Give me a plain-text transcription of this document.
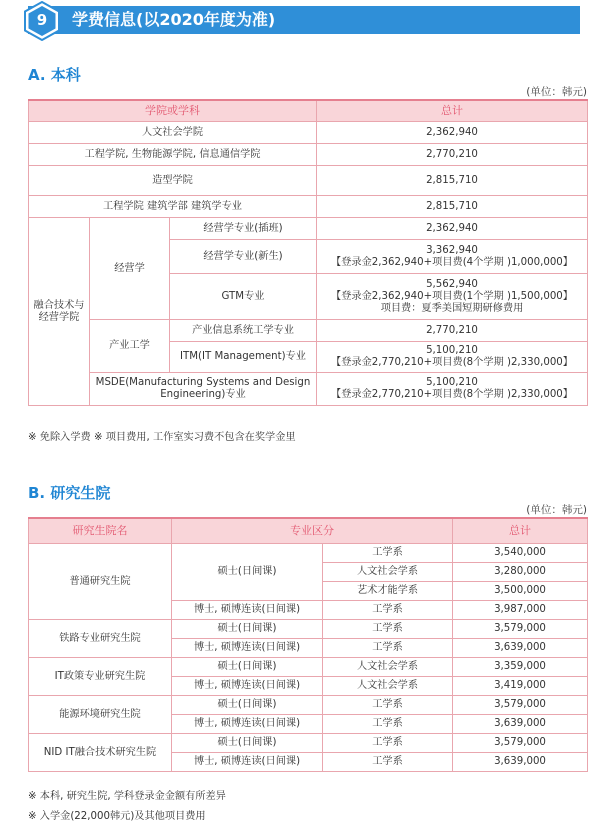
9	学费信息(以2020年度为准)
A. 本科
(单位：韩元)
学院或学科			总计
人文社会学院			2,362,940
工程学院, 生物能源学院, 信息通信学院			2,770,210
造型学院			2,815,710
工程学院 建筑学部 建筑学专业			2,815,710
融合技术与经营学院	经营学	经营学专业(插班)	2,362,940
		经营学专业(新生)	3,362,940
【登录金2,362,940+项目费(4个学期 )1,000,000】

		GTM专业	5,562,940
【登录金2,362,940+项目费(1个学期 )1,500,000】
项目费：夏季美国短期研修费用

	产业工学	产业信息系统工学专业	2,770,210
		ITM(IT Management)专业	5,100,210
【登录金2,770,210+项目费(8个学期 )2,330,000】

	MSDE(Manufacturing Systems and Design Engineering)专业		5,100,210
【登录金2,770,210+项目费(8个学期 )2,330,000】
※ 免除入学费 ※ 项目费用, 工作室实习费不包含在奖学金里
B. 研究生院
(单位：韩元)
研究生院名	专业区分		总计
普通研究生院	硕士(日间课)	工学系	3,540,000
		人文社会学系	3,280,000
		艺术才能学系	3,500,000
	博士, 硕博连读(日间课)	工学系	3,987,000
铁路专业研究生院	硕士(日间课)	工学系	3,579,000
	博士, 硕博连读(日间课)	工学系	3,639,000
IT政策专业研究生院	硕士(日间课)	人文社会学系	3,359,000
	博士, 硕博连读(日间课)	人文社会学系	3,419,000
能源环境研究生院	硕士(日间课)	工学系	3,579,000
	博士, 硕博连读(日间课)	工学系	3,639,000
NID IT融合技术研究生院	硕士(日间课)	工学系	3,579,000
	博士, 硕博连读(日间课)	工学系	3,639,000
※ 本科, 研究生院, 学科登录金金额有所差异
※ 入学金(22,000韩元)及其他项目费用
